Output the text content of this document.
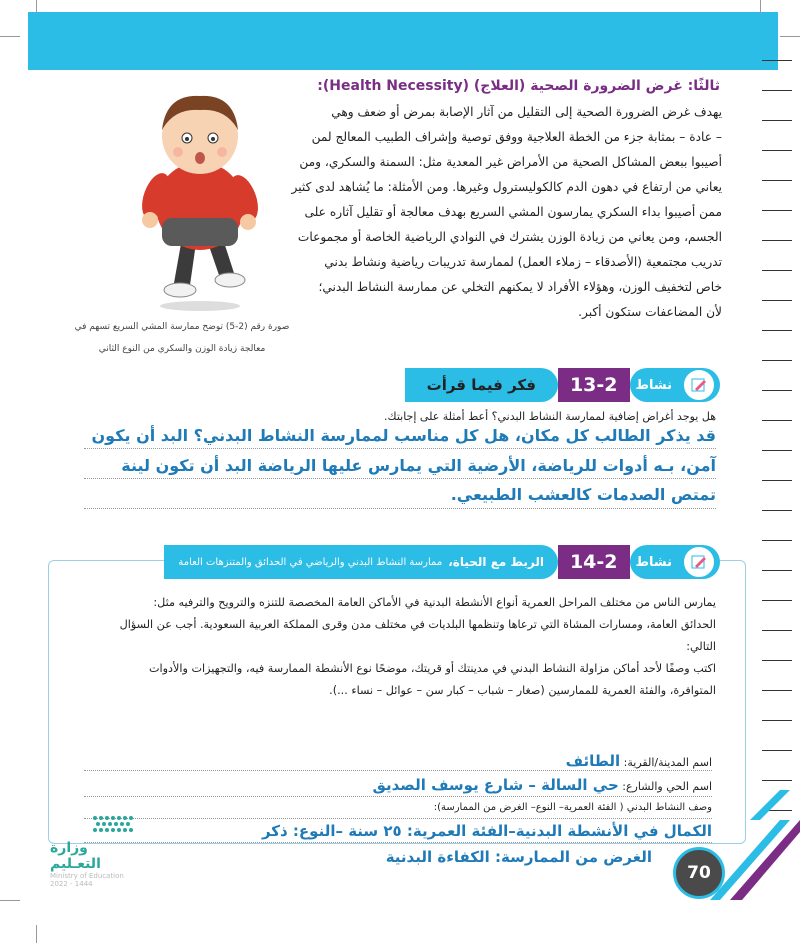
ثالثًا: غرض الضرورة الصحية (العلاج) (Health Necessity):
يهدف غرض الضرورة الصحية إلى التقليل من آثار الإصابة بمرض أو ضعف وهي
– عادة – بمثابة جزء من الخطة العلاجية ووفق توصية وإشراف الطبيب المعالج لمن
أصيبوا ببعض المشاكل الصحية من الأمراض غير المعدية مثل: السمنة والسكري، ومن
يعاني من ارتفاع في دهون الدم كالكوليسترول وغيرها. ومن الأمثلة: ما يُشاهد لدى كثير
ممن أصيبوا بداء السكري يمارسون المشي السريع بهدف معالجة أو تقليل آثاره على
الجسم، ومن يعاني من زيادة الوزن يشترك في النوادي الرياضية الخاصة أو مجموعات
تدريب مجتمعية (الأصدقاء – زملاء العمل) لممارسة تدريبات رياضية ونشاط بدني
خاص لتخفيف الوزن، وهؤلاء الأفراد لا يمكنهم التخلي عن ممارسة النشاط البدني؛
لأن المضاعفات ستكون أكبر.
صورة رقم (2-5) توضح ممارسة المشي السريع تسهم في
معالجة زيادة الوزن والسكري من النوع الثاني
نشاط
13-2
فكر فيما قرأت
هل يوجد أغراض إضافية لممارسة النشاط البدني؟ أعط أمثلة على إجابتك.
قد يذكر الطالب كل مكان، هل كل مناسب لممارسة النشاط البدني؟ البد أن يكون
آمن، بـه أدوات للرياضة، الأرضية التي يمارس عليها الرياضة البد أن تكون لينة
تمتص الصدمات كالعشب الطبيعي.
نشاط
14-2
الربط مع الحياة،
ممارسة النشاط البدني والرياضي في الحدائق والمتنزهات العامة
يمارس الناس من مختلف المراحل العمرية أنواع الأنشطة البدنية في الأماكن العامة المخصصة للتنزه والترويح والترفيه مثل:
الحدائق العامة، ومسارات المشاة التي ترعاها وتنظمها البلديات في مختلف مدن وقرى المملكة العربية السعودية. أجب عن السؤال
التالي:
اكتب وصفًا لأحد أماكن مزاولة النشاط البدني في مدينتك أو قريتك، موضحًا نوع الأنشطة الممارسة فيه، والتجهيزات والأدوات
المتوافرة، والفئة العمرية للممارسين (صغار – شباب – كبار سن – عوائل – نساء ...).
اسم المدينة/القرية: الطائف
اسم الحي والشارع: حي السالة – شارع يوسف الصديق
وصف النشاط البدني ( الفئة العمرية– النوع– الغرض من الممارسة):
الكمال في الأنشطة البدنية–الفئة العمرية: ٢٥ سنة –النوع: ذكر
الغرض من الممارسة: الكفاءة البدنية
70
وزارة التعـليم
Ministry of Education
2022 - 1444
